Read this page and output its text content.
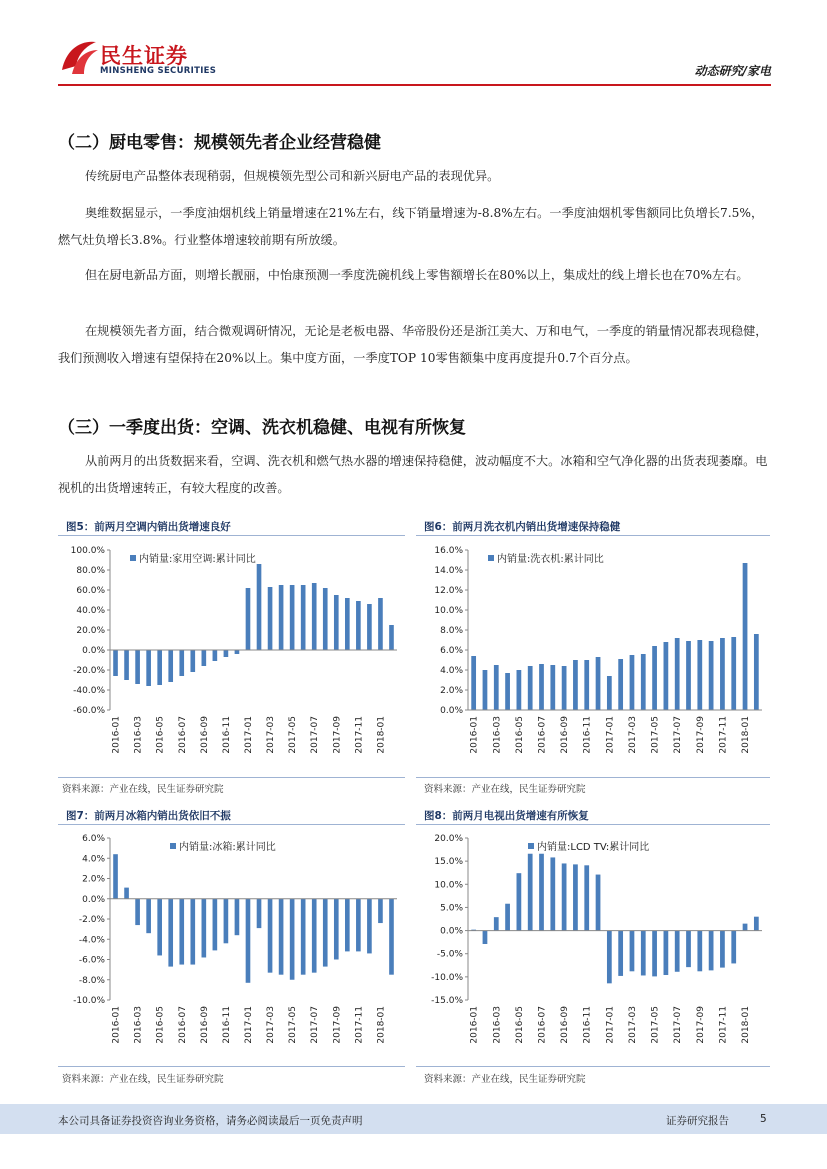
民生证券
MINSHENG SECURITIES	动态研究/家电
（二）厨电零售：规模领先者企业经营稳健
传统厨电产品整体表现稍弱，但规模领先型公司和新兴厨电产品的表现优异。
奥维数据显示，一季度油烟机线上销量增速在21%左右，线下销量增速为-8.8%左右。一季度油烟机零售额同比负增长7.5%，燃气灶负增长3.8%。行业整体增速较前期有所放缓。
但在厨电新品方面，则增长靓丽，中怡康预测一季度洗碗机线上零售额增长在80%以上，集成灶的线上增长也在70%左右。
在规模领先者方面，结合微观调研情况，无论是老板电器、华帝股份还是浙江美大、万和电气，一季度的销量情况都表现稳健，我们预测收入增速有望保持在20%以上。集中度方面，一季度TOP 10零售额集中度再度提升0.7个百分点。
（三）一季度出货：空调、洗衣机稳健、电视有所恢复
从前两月的出货数据来看，空调、洗衣机和燃气热水器的增速保持稳健，波动幅度不大。冰箱和空气净化器的出货表现萎靡。电视机的出货增速转正，有较大程度的改善。
图5：前两月空调内销出货增速良好
-60.0%
-40.0%
-20.0%
0.0%
20.0%
40.0%
60.0%
80.0%
100.0%
2016-01 2016-03 2016-05 2016-07 2016-09 2016-11 2017-01 2017-03 2017-05 2017-07 2017-09 2017-11 2018-01
内销量:家用空调:累计同比
资料来源：产业在线，民生证券研究院
图6：前两月洗衣机内销出货增速保持稳健
0.0%
2.0%
4.0%
6.0%
8.0%
10.0%
12.0%
14.0%
16.0%
2016-01 2016-03 2016-05 2016-07 2016-09 2016-11 2017-01 2017-03 2017-05 2017-07 2017-09 2017-11 2018-01
内销量:洗衣机:累计同比
资料来源：产业在线，民生证券研究院
图7：前两月冰箱内销出货依旧不振
-10.0%
-8.0%
-6.0%
-4.0%
-2.0%
0.0%
2.0%
4.0%
6.0%
2016-01 2016-03 2016-05 2016-07 2016-09 2016-11 2017-01 2017-03 2017-05 2017-07 2017-09 2017-11 2018-01
内销量:冰箱:累计同比
资料来源：产业在线，民生证券研究院
图8：前两月电视出货增速有所恢复
-15.0%
-10.0%
-5.0%
0.0%
5.0%
10.0%
15.0%
20.0%
2016-01 2016-03 2016-05 2016-07 2016-09 2016-11 2017-01 2017-03 2017-05 2017-07 2017-09 2017-11 2018-01
内销量:LCD TV:累计同比
资料来源：产业在线，民生证券研究院
本公司具备证券投资咨询业务资格，请务必阅读最后一页免责声明	证券研究报告	5
